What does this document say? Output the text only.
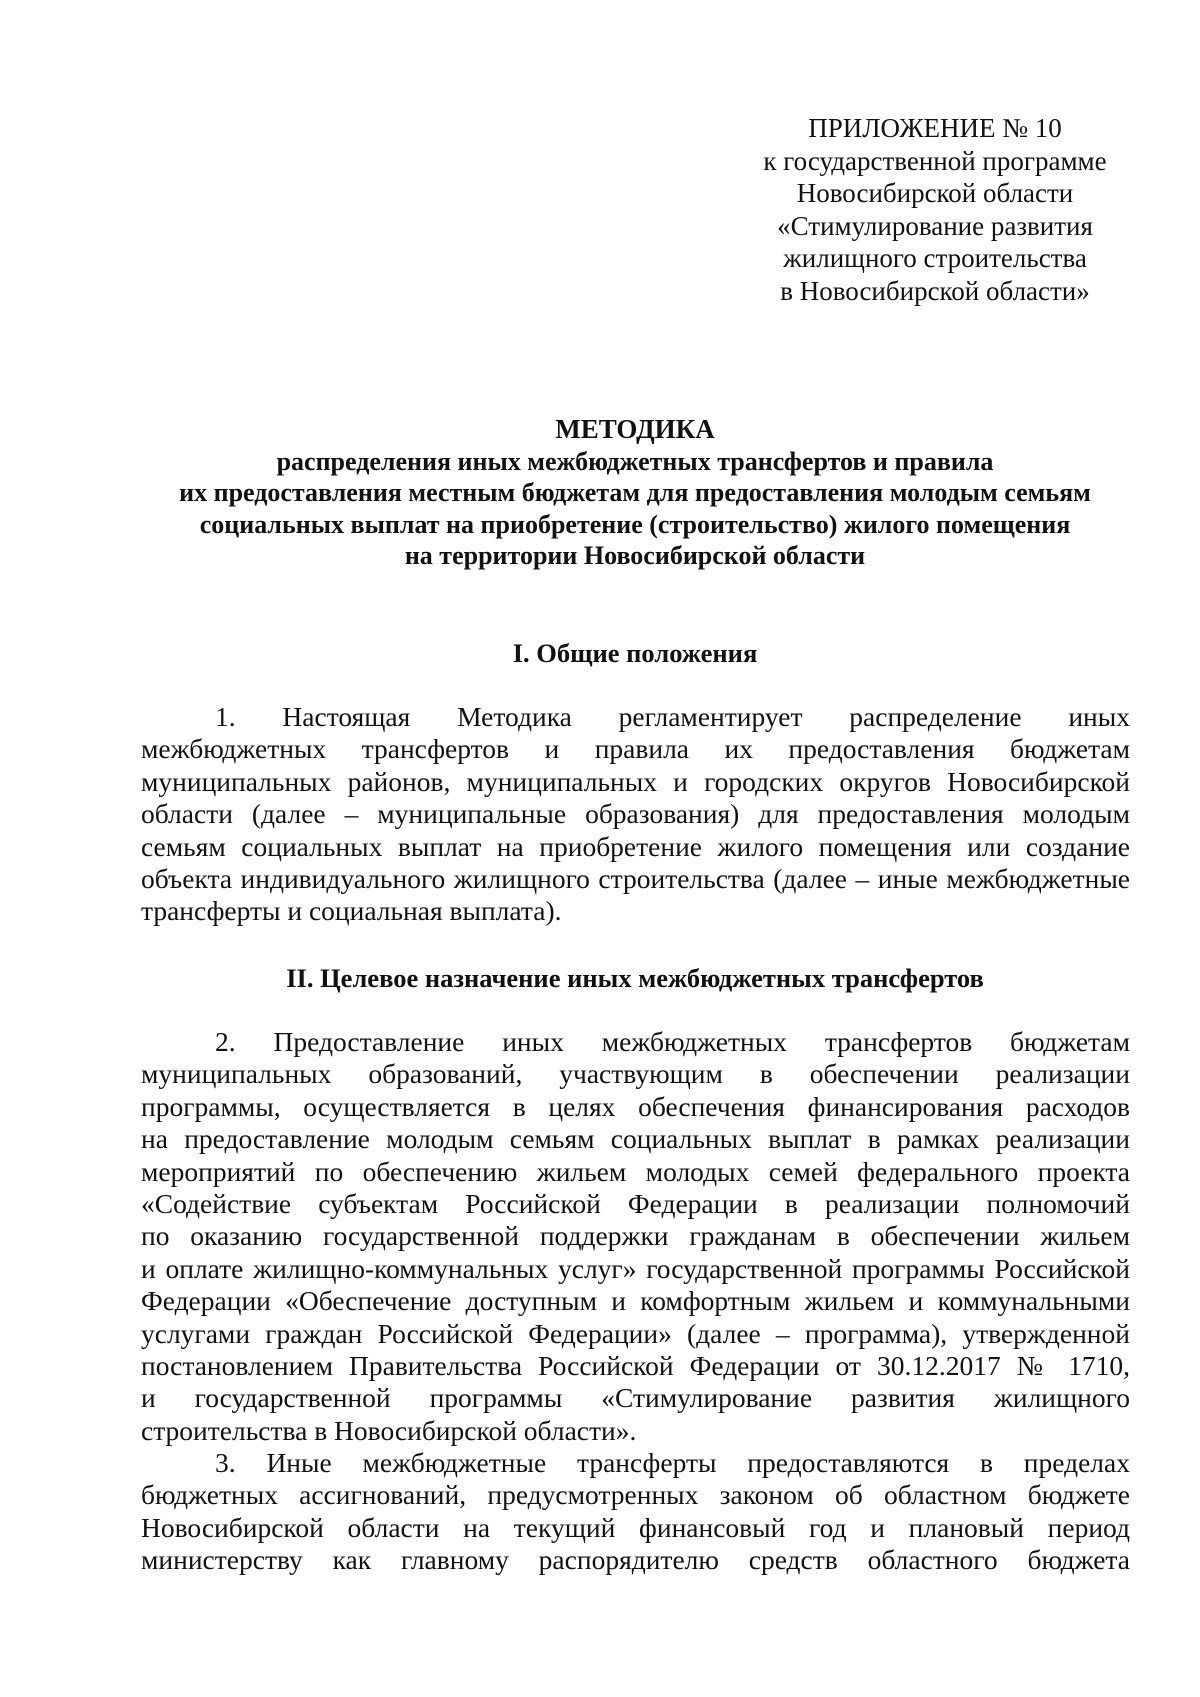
ПРИЛОЖЕНИЕ № 10
к государственной программе
Новосибирской области
«Стимулирование развития
жилищного строительства
в Новосибирской области»
МЕТОДИКА
распределения иных межбюджетных трансфертов и правила
их предоставления местным бюджетам для предоставления молодым семьям
социальных выплат на приобретение (строительство) жилого помещения
на территории Новосибирской области
I. Общие положения
1. Настоящая Методика регламентирует распределение иных
межбюджетных трансфертов и правила их предоставления бюджетам
муниципальных районов, муниципальных и городских округов Новосибирской
области (далее – муниципальные образования) для предоставления молодым
семьям социальных выплат на приобретение жилого помещения или создание
объекта индивидуального жилищного строительства (далее – иные межбюджетные
трансферты и социальная выплата).
II. Целевое назначение иных межбюджетных трансфертов
2. Предоставление иных межбюджетных трансфертов бюджетам
муниципальных образований, участвующим в обеспечении реализации
программы, осуществляется в целях обеспечения финансирования расходов
на предоставление молодым семьям социальных выплат в рамках реализации
мероприятий по обеспечению жильем молодых семей федерального проекта
«Содействие субъектам Российской Федерации в реализации полномочий
по оказанию государственной поддержки гражданам в обеспечении жильем
и оплате жилищно-коммунальных услуг» государственной программы Российской
Федерации «Обеспечение доступным и комфортным жильем и коммунальными
услугами граждан Российской Федерации» (далее – программа), утвержденной
постановлением Правительства Российской Федерации от 30.12.2017 № 1710,
и государственной программы «Стимулирование развития жилищного
строительства в Новосибирской области».
3. Иные межбюджетные трансферты предоставляются в пределах
бюджетных ассигнований, предусмотренных законом об областном бюджете
Новосибирской области на текущий финансовый год и плановый период
министерству как главному распорядителю средств областного бюджета
